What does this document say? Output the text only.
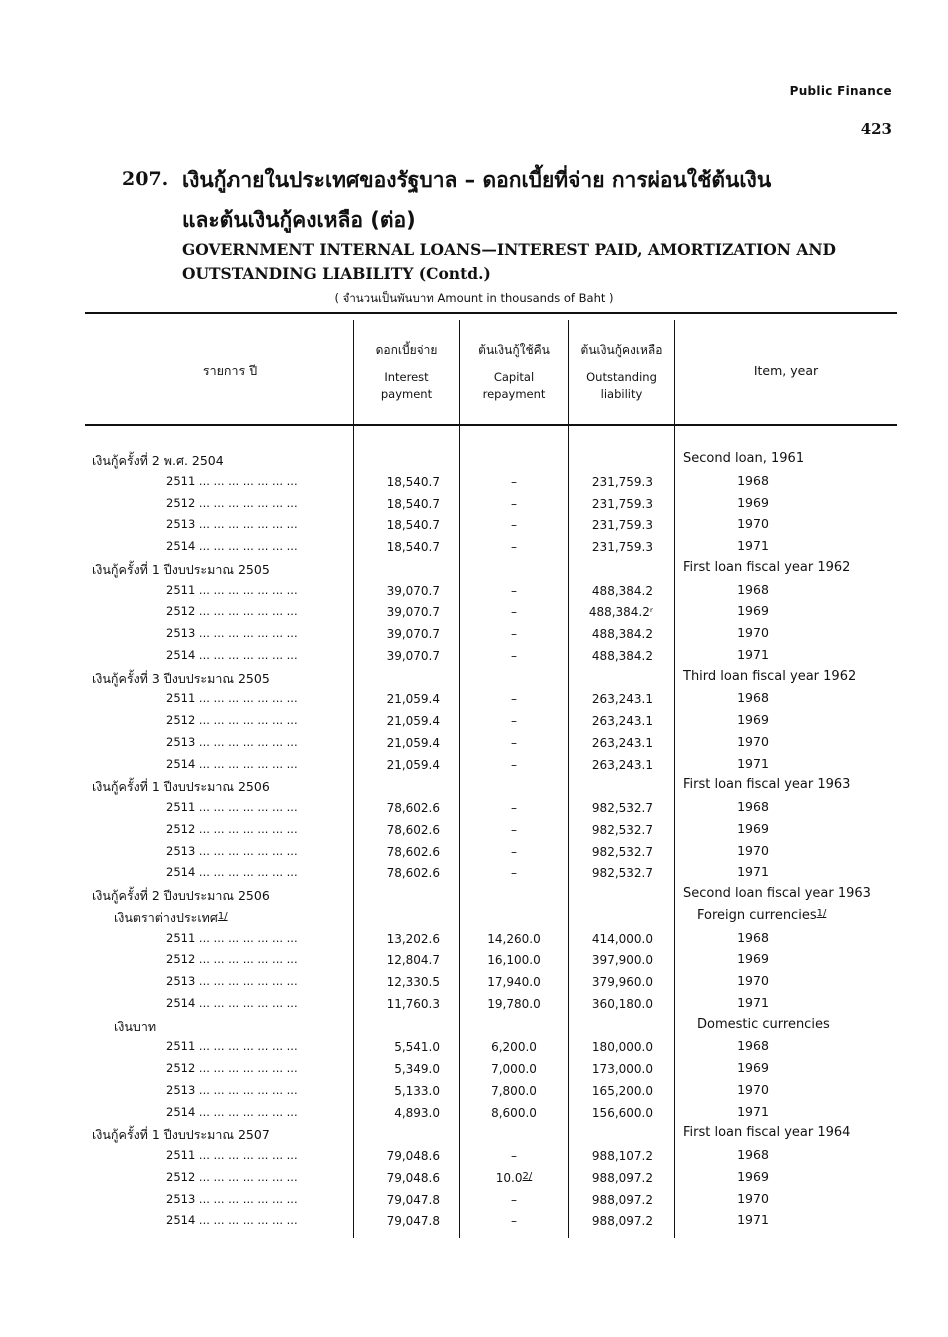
Public Finance
423
207. เงินกู้ภายในประเทศของรัฐบาล – ดอกเบี้ยที่จ่าย การผ่อนใช้ต้นเงิน
และต้นเงินกู้คงเหลือ (ต่อ)
GOVERNMENT INTERNAL LOANS—INTEREST PAID, AMORTIZATION AND
OUTSTANDING LIABILITY (Contd.)
( จำนวนเป็นพันบาท Amount in thousands of Baht )
รายการ ปี
ดอกเบี้ยจ่าย
Interest
payment
ต้นเงินกู้ใช้คืน
Capital
repayment
ต้นเงินกู้คงเหลือ
Outstanding
liability
Item, year
เงินกู้ครั้งที่ 2 พ.ศ. 2504	Second loan, 1961
2511 ... ... ... ... ... ... ...	18,540.7	–	231,759.3	1968
2512 ... ... ... ... ... ... ...	18,540.7	–	231,759.3	1969
2513 ... ... ... ... ... ... ...	18,540.7	–	231,759.3	1970
2514 ... ... ... ... ... ... ...	18,540.7	–	231,759.3	1971
เงินกู้ครั้งที่ 1 ปีงบประมาณ 2505	First loan fiscal year 1962
2511 ... ... ... ... ... ... ...	39,070.7	–	488,384.2	1968
2512 ... ... ... ... ... ... ...	39,070.7	–	488,384.2ʳ	1969
2513 ... ... ... ... ... ... ...	39,070.7	–	488,384.2	1970
2514 ... ... ... ... ... ... ...	39,070.7	–	488,384.2	1971
เงินกู้ครั้งที่ 3 ปีงบประมาณ 2505	Third loan fiscal year 1962
2511 ... ... ... ... ... ... ...	21,059.4	–	263,243.1	1968
2512 ... ... ... ... ... ... ...	21,059.4	–	263,243.1	1969
2513 ... ... ... ... ... ... ...	21,059.4	–	263,243.1	1970
2514 ... ... ... ... ... ... ...	21,059.4	–	263,243.1	1971
เงินกู้ครั้งที่ 1 ปีงบประมาณ 2506	First loan fiscal year 1963
2511 ... ... ... ... ... ... ...	78,602.6	–	982,532.7	1968
2512 ... ... ... ... ... ... ...	78,602.6	–	982,532.7	1969
2513 ... ... ... ... ... ... ...	78,602.6	–	982,532.7	1970
2514 ... ... ... ... ... ... ...	78,602.6	–	982,532.7	1971
เงินกู้ครั้งที่ 2 ปีงบประมาณ 2506	Second loan fiscal year 1963
เงินตราต่างประเทศ$^{1/}$	Foreign currencies$^{1/}$
2511 ... ... ... ... ... ... ...	13,202.6	14,260.0	414,000.0	1968
2512 ... ... ... ... ... ... ...	12,804.7	16,100.0	397,900.0	1969
2513 ... ... ... ... ... ... ...	12,330.5	17,940.0	379,960.0	1970
2514 ... ... ... ... ... ... ...	11,760.3	19,780.0	360,180.0	1971
เงินบาท	Domestic currencies
2511 ... ... ... ... ... ... ...	5,541.0	6,200.0	180,000.0	1968
2512 ... ... ... ... ... ... ...	5,349.0	7,000.0	173,000.0	1969
2513 ... ... ... ... ... ... ...	5,133.0	7,800.0	165,200.0	1970
2514 ... ... ... ... ... ... ...	4,893.0	8,600.0	156,600.0	1971
เงินกู้ครั้งที่ 1 ปีงบประมาณ 2507	First loan fiscal year 1964
2511 ... ... ... ... ... ... ...	79,048.6	–	988,107.2	1968
2512 ... ... ... ... ... ... ...	79,048.6	10.0$^{2/}$	988,097.2	1969
2513 ... ... ... ... ... ... ...	79,047.8	–	988,097.2	1970
2514 ... ... ... ... ... ... ...	79,047.8	–	988,097.2	1971
